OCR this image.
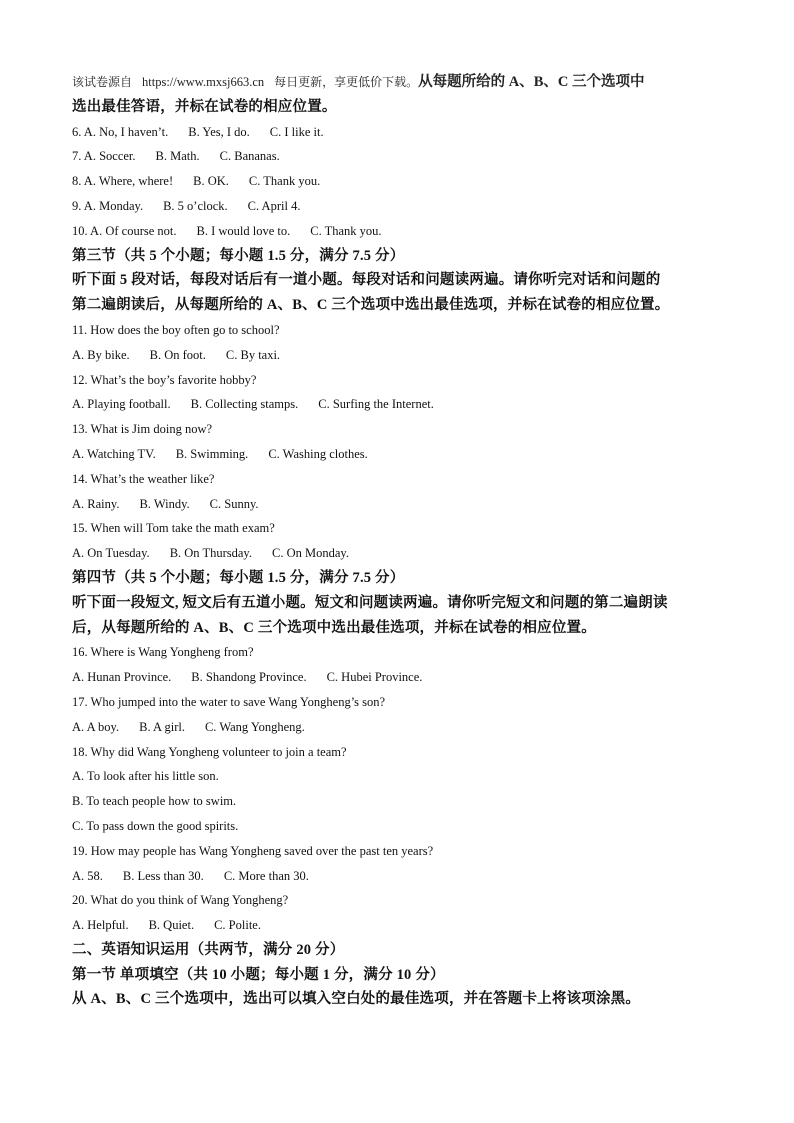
该试卷源自 https://www.mxsj663.cn 每日更新，享更低价下载。从每题所给的 A、B、C 三个选项中
选出最佳答语，并标在试卷的相应位置。
6. A. No, I haven’t. B. Yes, I do. C. I like it.
7. A. Soccer. B. Math. C. Bananas.
8. A. Where, where! B. OK. C. Thank you.
9. A. Monday. B. 5 o’clock. C. April 4.
10. A. Of course not. B. I would love to. C. Thank you.
第三节（共 5 个小题；每小题 1.5 分，满分 7.5 分）
听下面 5 段对话，每段对话后有一道小题。每段对话和问题读两遍。请你听完对话和问题的
第二遍朗读后，从每题所给的 A、B、C 三个选项中选出最佳选项，并标在试卷的相应位置。
11. How does the boy often go to school?
A. By bike. B. On foot. C. By taxi.
12. What’s the boy’s favorite hobby?
A. Playing football. B. Collecting stamps. C. Surfing the Internet.
13. What is Jim doing now?
A. Watching TV. B. Swimming. C. Washing clothes.
14. What’s the weather like?
A. Rainy. B. Windy. C. Sunny.
15. When will Tom take the math exam?
A. On Tuesday. B. On Thursday. C. On Monday.
第四节（共 5 个小题；每小题 1.5 分，满分 7.5 分）
听下面一段短文, 短文后有五道小题。短文和问题读两遍。请你听完短文和问题的第二遍朗读
后，从每题所给的 A、B、C 三个选项中选出最佳选项，并标在试卷的相应位置。
16. Where is Wang Yongheng from?
A. Hunan Province. B. Shandong Province. C. Hubei Province.
17. Who jumped into the water to save Wang Yongheng’s son?
A. A boy. B. A girl. C. Wang Yongheng.
18. Why did Wang Yongheng volunteer to join a team?
A. To look after his little son.
B. To teach people how to swim.
C. To pass down the good spirits.
19. How may people has Wang Yongheng saved over the past ten years?
A. 58. B. Less than 30. C. More than 30.
20. What do you think of Wang Yongheng?
A. Helpful. B. Quiet. C. Polite.
二、英语知识运用（共两节，满分 20 分）
第一节 单项填空（共 10 小题；每小题 1 分，满分 10 分）
从 A、B、C 三个选项中，选出可以填入空白处的最佳选项，并在答题卡上将该项涂黑。
